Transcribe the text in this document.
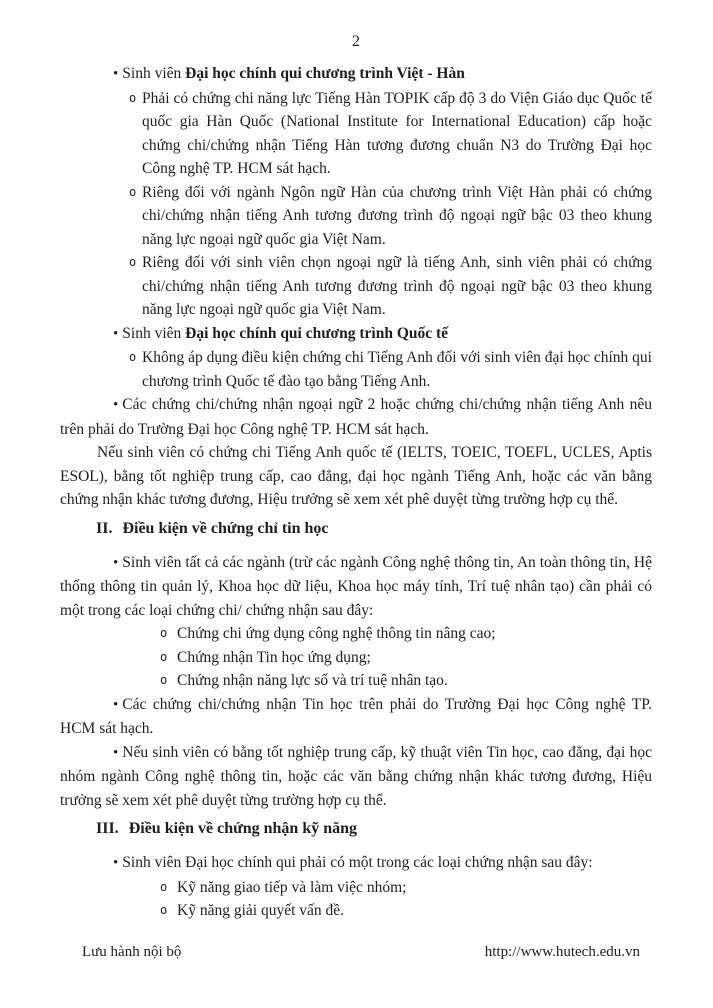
2
• Sinh viên Đại học chính qui chương trình Việt - Hàn
o Phải có chứng chi năng lực Tiếng Hàn TOPIK cấp độ 3 do Viện Giáo dục Quốc tế quốc gia Hàn Quốc (National Institute for International Education) cấp hoặc chứng chi/chứng nhận Tiếng Hàn tương đương chuẩn N3 do Trường Đại học Công nghệ TP. HCM sát hạch.
o Riêng đối với ngành Ngôn ngữ Hàn của chương trình Việt Hàn phải có chứng chi/chứng nhận tiếng Anh tương đương trình độ ngoại ngữ bậc 03 theo khung năng lực ngoại ngữ quốc gia Việt Nam.
o Riêng đối với sinh viên chọn ngoại ngữ là tiếng Anh, sinh viên phải có chứng chi/chứng nhận tiếng Anh tương đương trình độ ngoại ngữ bậc 03 theo khung năng lực ngoại ngữ quốc gia Việt Nam.
• Sinh viên Đại học chính qui chương trình Quốc tế
o Không áp dụng điều kiện chứng chi Tiếng Anh đối với sinh viên đại học chính qui chương trình Quốc tế đào tạo bằng Tiếng Anh.
• Các chứng chi/chứng nhận ngoại ngữ 2 hoặc chứng chi/chứng nhận tiếng Anh nêu trên phải do Trường Đại học Công nghệ TP. HCM sát hạch.
Nếu sinh viên có chứng chi Tiếng Anh quốc tế (IELTS, TOEIC, TOEFL, UCLES, Aptis ESOL), bằng tốt nghiệp trung cấp, cao đẳng, đại học ngành Tiếng Anh, hoặc các văn bằng chứng nhận khác tương đương, Hiệu trưởng sẽ xem xét phê duyệt từng trường hợp cụ thể.
II. Điều kiện về chứng chỉ tin học
• Sinh viên tất cả các ngành (trừ các ngành Công nghệ thông tin, An toàn thông tin, Hệ thống thông tin quản lý, Khoa học dữ liệu, Khoa học máy tính, Trí tuệ nhân tạo) cần phải có một trong các loại chứng chi/ chứng nhận sau đây:
o Chứng chi ứng dụng công nghệ thông tin nâng cao;
o Chứng nhận Tin học ứng dụng;
o Chứng nhận năng lực số và trí tuệ nhân tạo.
• Các chứng chi/chứng nhận Tin học trên phải do Trường Đại học Công nghệ TP. HCM sát hạch.
• Nếu sinh viên có bằng tốt nghiệp trung cấp, kỹ thuật viên Tin học, cao đẳng, đại học nhóm ngành Công nghệ thông tin, hoặc các văn bằng chứng nhận khác tương đương, Hiệu trưởng sẽ xem xét phê duyệt từng trường hợp cụ thể.
III. Điều kiện về chứng nhận kỹ năng
• Sinh viên Đại học chính qui phải có một trong các loại chứng nhận sau đây:
o Kỹ năng giao tiếp và làm việc nhóm;
o Kỹ năng giải quyết vấn đề.
Lưu hành nội bộ	http://www.hutech.edu.vn
